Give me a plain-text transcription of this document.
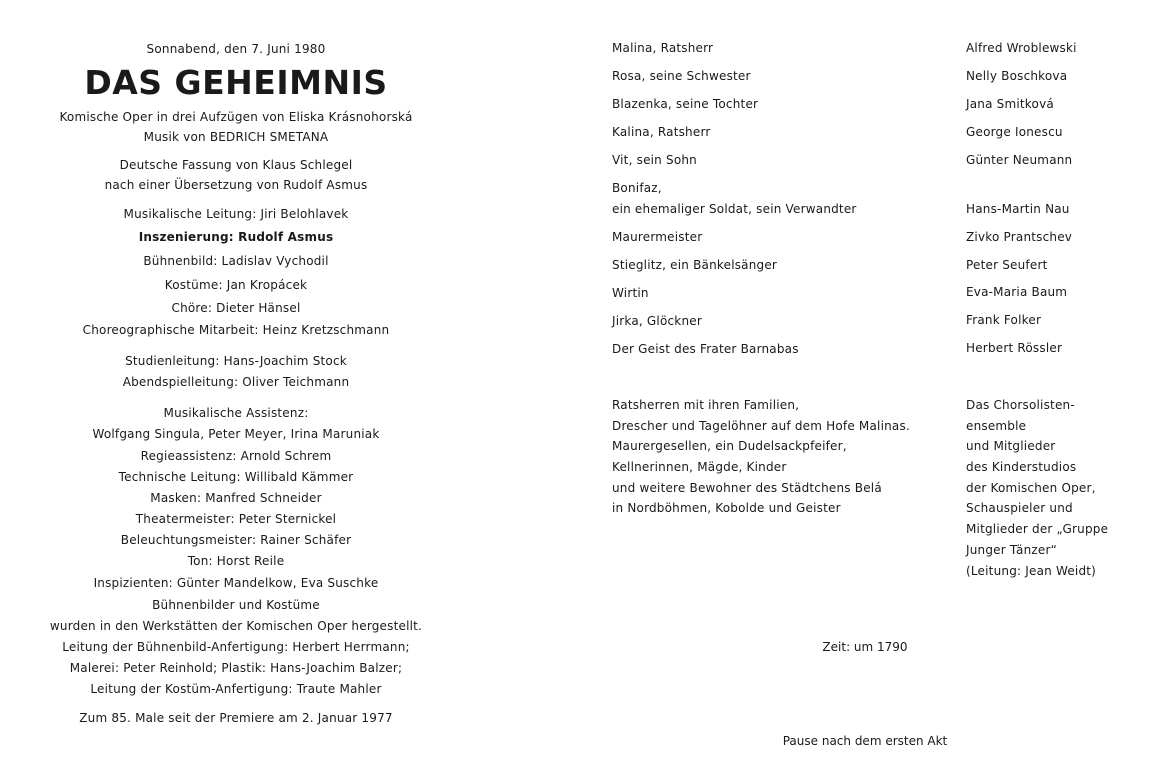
Sonnabend, den 7. Juni 1980
DAS GEHEIMNIS
Komische Oper in drei Aufzügen von Eliska Krásnohorská
Musik von BEDRICH SMETANA
Deutsche Fassung von Klaus Schlegel
nach einer Übersetzung von Rudolf Asmus
Musikalische Leitung: Jiri Belohlavek
Inszenierung: Rudolf Asmus
Bühnenbild: Ladislav Vychodil
Kostüme: Jan Kropácek
Chöre: Dieter Hänsel
Choreographische Mitarbeit: Heinz Kretzschmann
Studienleitung: Hans-Joachim Stock
Abendspielleitung: Oliver Teichmann
Musikalische Assistenz:
Wolfgang Singula, Peter Meyer, Irina Maruniak
Regieassistenz: Arnold Schrem
Technische Leitung: Willibald Kämmer
Masken: Manfred Schneider
Theatermeister: Peter Sternickel
Beleuchtungsmeister: Rainer Schäfer
Ton: Horst Reile
Inspizienten: Günter Mandelkow, Eva Suschke
Bühnenbilder und Kostüme
wurden in den Werkstätten der Komischen Oper hergestellt.
Leitung der Bühnenbild-Anfertigung: Herbert Herrmann;
Malerei: Peter Reinhold; Plastik: Hans-Joachim Balzer;
Leitung der Kostüm-Anfertigung: Traute Mahler
Zum 85. Male seit der Premiere am 2. Januar 1977
Malina, Ratsherr	Alfred Wroblewski
Rosa, seine Schwester	Nelly Boschkova
Blazenka, seine Tochter	Jana Smitková
Kalina, Ratsherr	George Ionescu
Vit, sein Sohn	Günter Neumann
Bonifaz,
ein ehemaliger Soldat, sein Verwandter	Hans-Martin Nau
Maurermeister	Zivko Prantschev
Stieglitz, ein Bänkelsänger	Peter Seufert
Wirtin	Eva-Maria Baum
Jirka, Glöckner	Frank Folker
Der Geist des Frater Barnabas	Herbert Rössler
Ratsherren mit ihren Familien,
Drescher und Tagelöhner auf dem Hofe Malinas.
Maurergesellen, ein Dudelsackpfeifer,
Kellnerinnen, Mägde, Kinder
und weitere Bewohner des Städtchens Belá
in Nordböhmen, Kobolde und Geister
Das Chorsolisten-
ensemble
und Mitglieder
des Kinderstudios
der Komischen Oper,
Schauspieler und
Mitglieder der „Gruppe
Junger Tänzer“
(Leitung: Jean Weidt)
Zeit: um 1790
Pause nach dem ersten Akt
